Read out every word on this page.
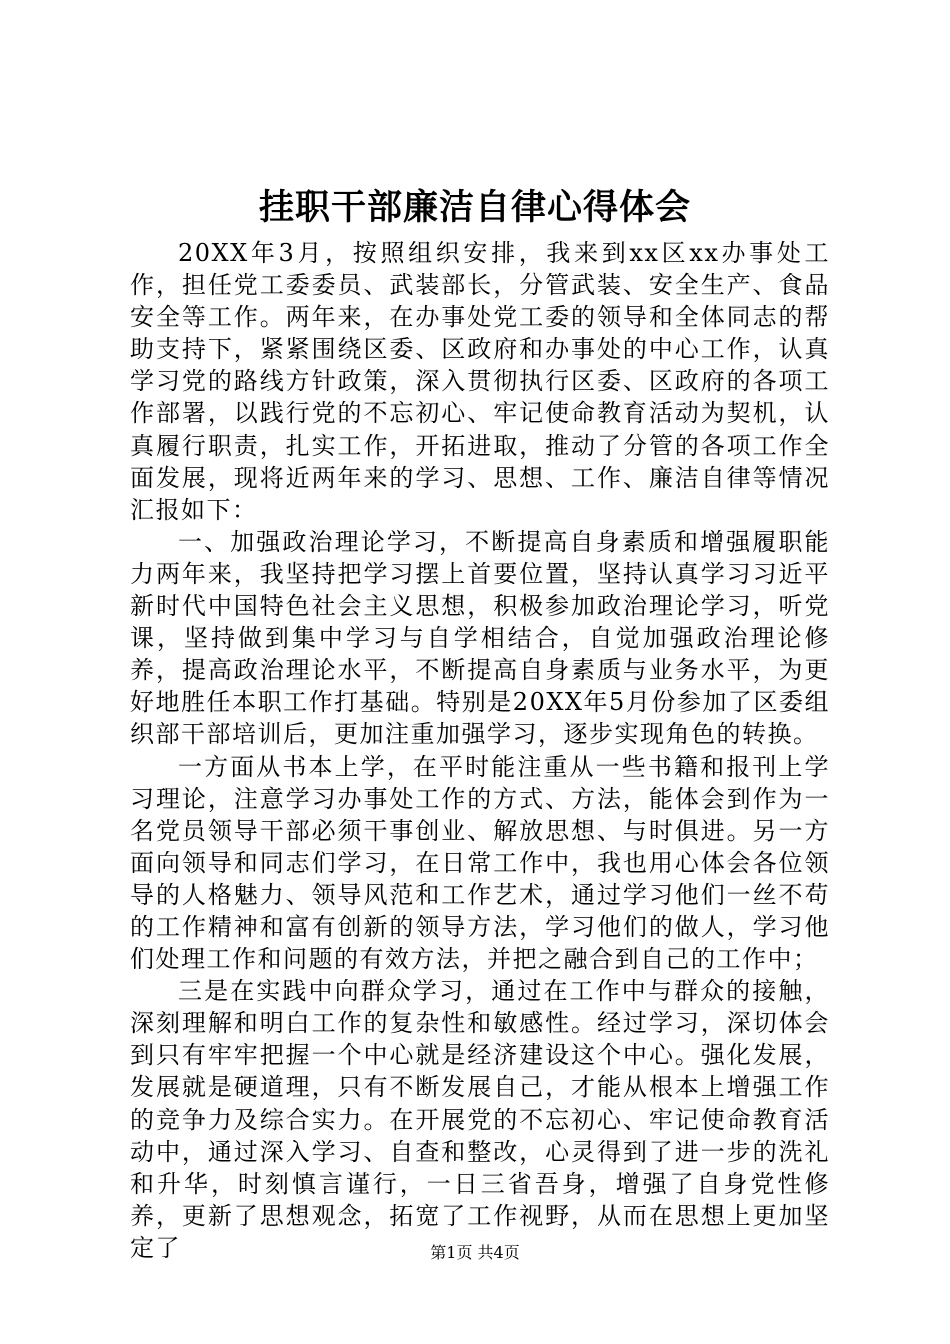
挂职干部廉洁自律心得体会

20XX年3月，按照组织安排，我来到xx区xx办事处工作，担任党工委委员、武装部长，分管武装、安全生产、食品安全等工作。两年来，在办事处党工委的领导和全体同志的帮助支持下，紧紧围绕区委、区政府和办事处的中心工作，认真学习党的路线方针政策，深入贯彻执行区委、区政府的各项工作部署，以践行党的不忘初心、牢记使命教育活动为契机，认真履行职责，扎实工作，开拓进取，推动了分管的各项工作全面发展，现将近两年来的学习、思想、工作、廉洁自律等情况汇报如下：

一、加强政治理论学习，不断提高自身素质和增强履职能力两年来，我坚持把学习摆上首要位置，坚持认真学习习近平新时代中国特色社会主义思想，积极参加政治理论学习，听党课，坚持做到集中学习与自学相结合，自觉加强政治理论修养，提高政治理论水平，不断提高自身素质与业务水平，为更好地胜任本职工作打基础。特别是20XX年5月份参加了区委组织部干部培训后，更加注重加强学习，逐步实现角色的转换。

一方面从书本上学，在平时能注重从一些书籍和报刊上学习理论，注意学习办事处工作的方式、方法，能体会到作为一名党员领导干部必须干事创业、解放思想、与时俱进。另一方面向领导和同志们学习，在日常工作中，我也用心体会各位领导的人格魅力、领导风范和工作艺术，通过学习他们一丝不苟的工作精神和富有创新的领导方法，学习他们的做人，学习他们处理工作和问题的有效方法，并把之融合到自己的工作中；

三是在实践中向群众学习，通过在工作中与群众的接触，深刻理解和明白工作的复杂性和敏感性。经过学习，深切体会到只有牢牢把握一个中心就是经济建设这个中心。强化发展，发展就是硬道理，只有不断发展自己，才能从根本上增强工作的竞争力及综合实力。在开展党的不忘初心、牢记使命教育活动中，通过深入学习、自查和整改，心灵得到了进一步的洗礼和升华，时刻慎言谨行，一日三省吾身，增强了自身党性修养，更新了思想观念，拓宽了工作视野，从而在思想上更加坚定了	第1页 共4页
